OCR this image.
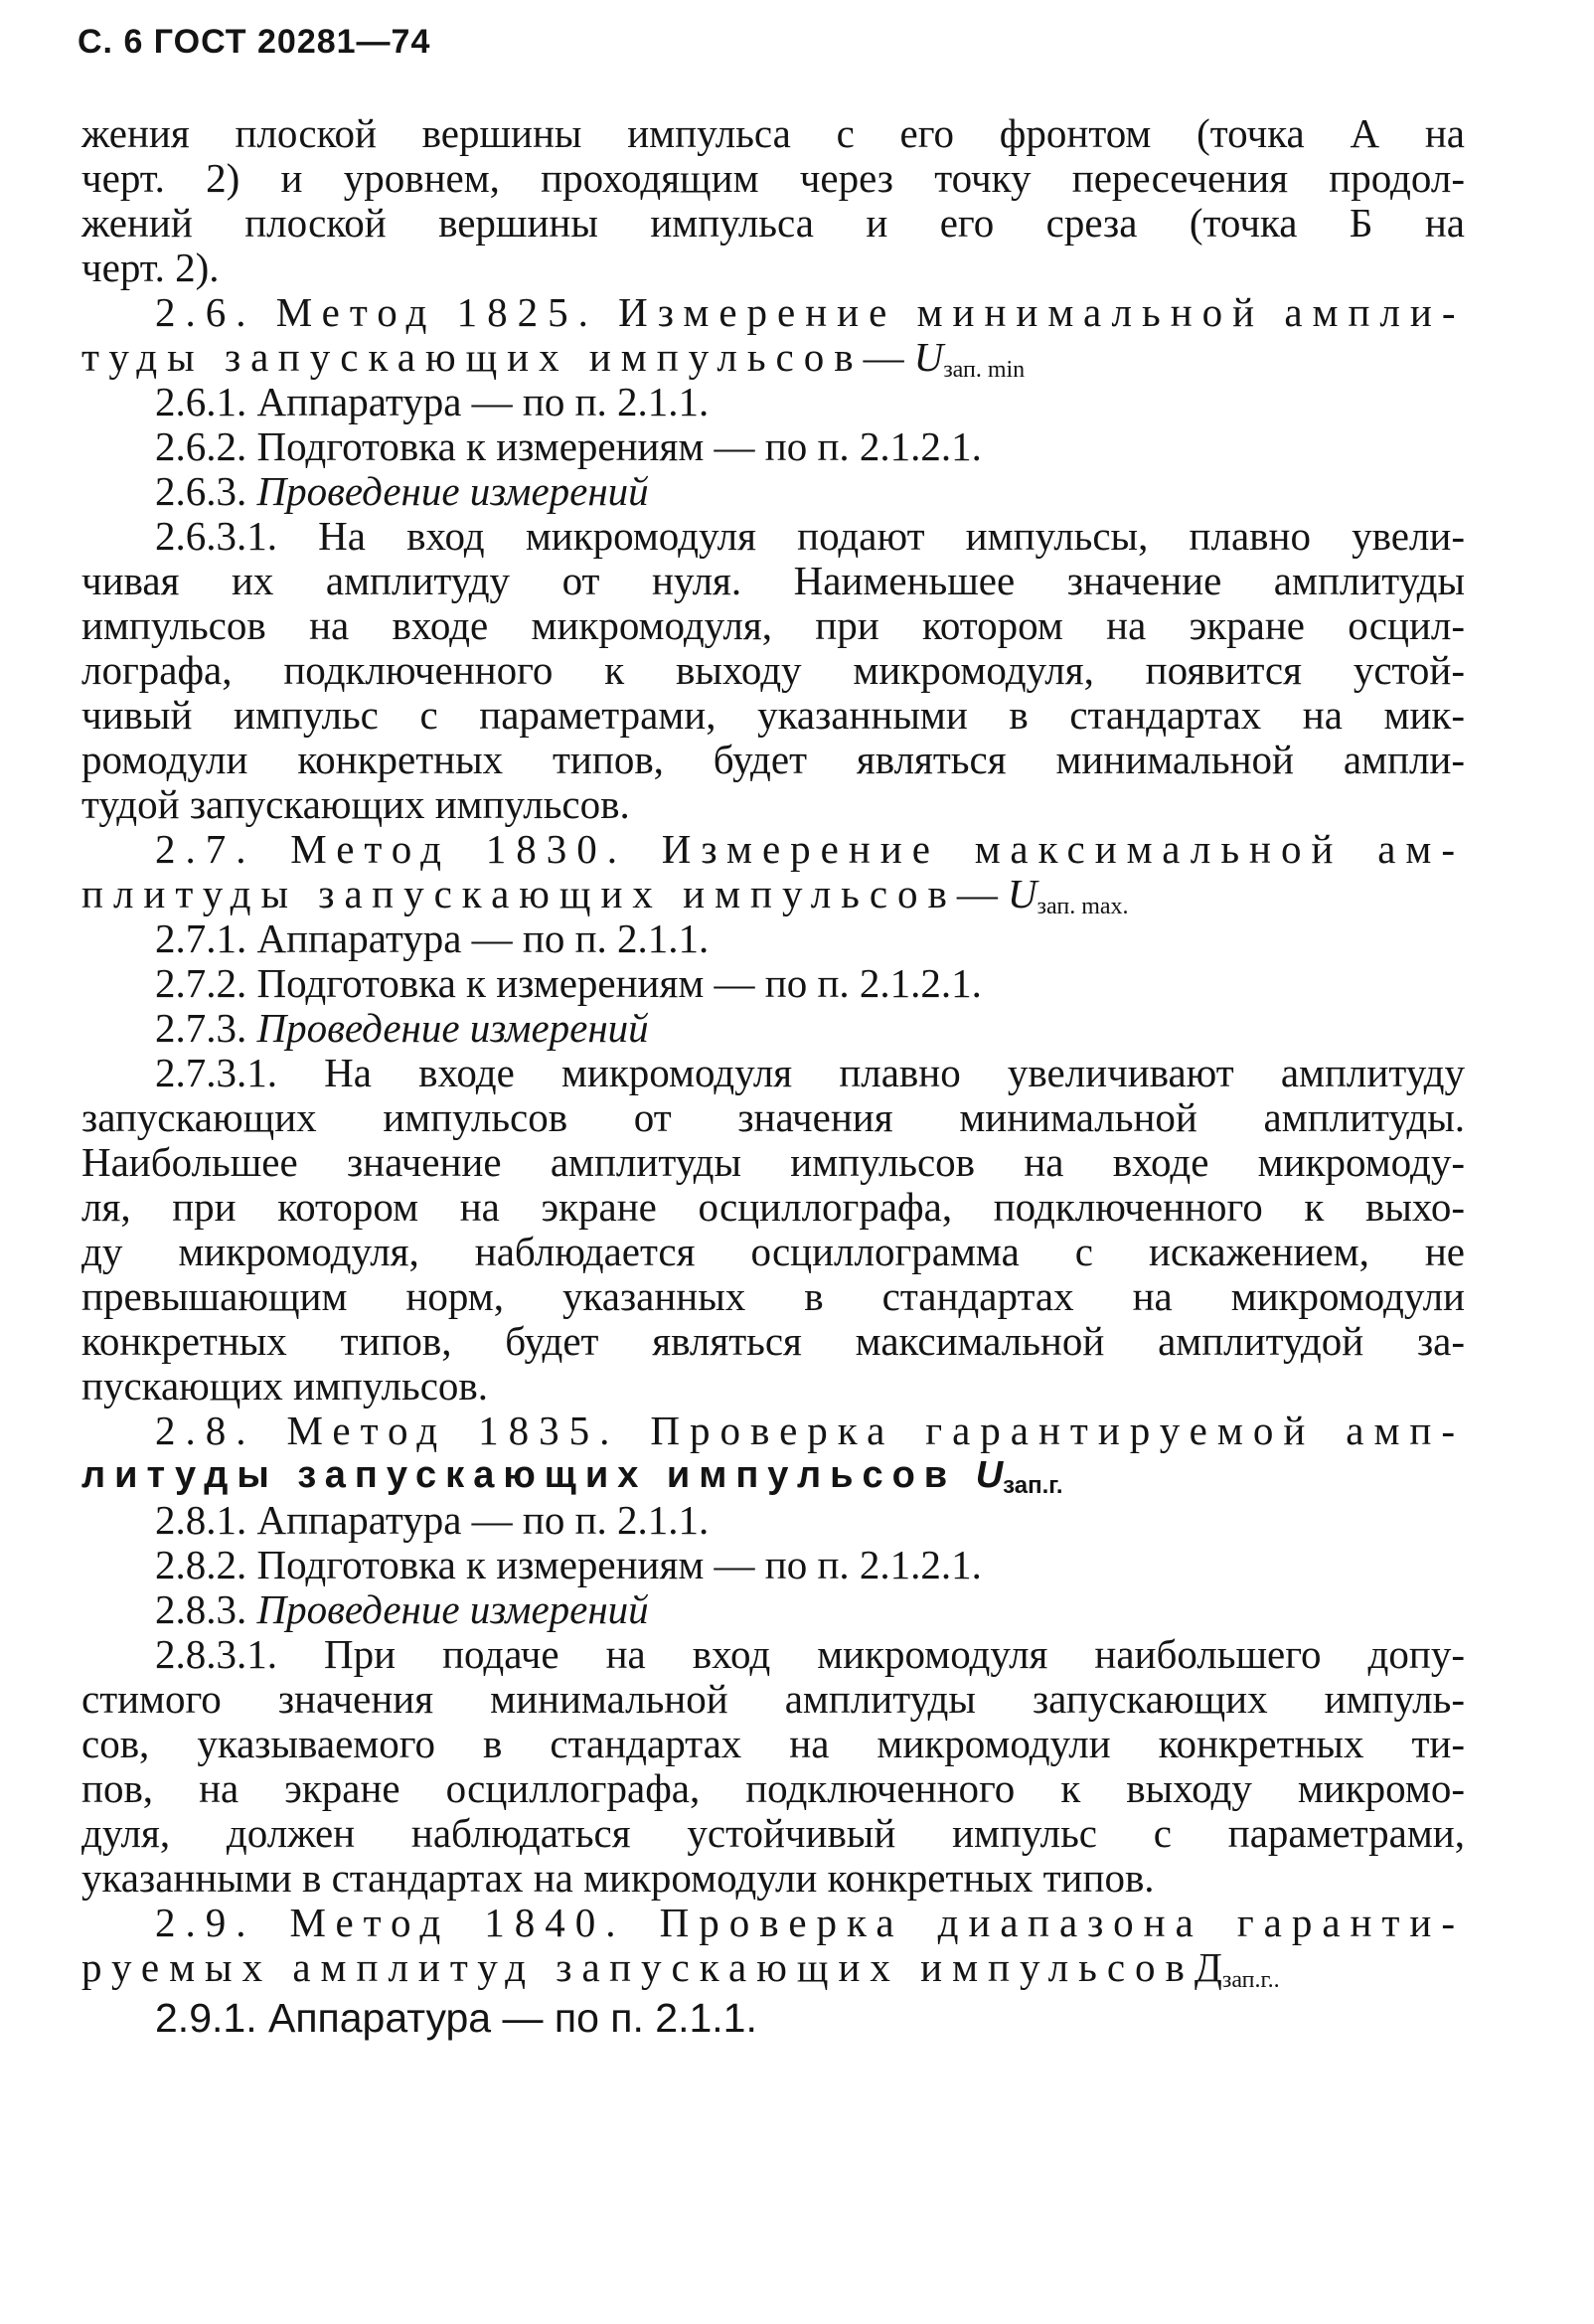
С. 6 ГОСТ 20281—74
жения плоской вершины импульса с его фронтом (точка А на
черт. 2) и уровнем, проходящим через точку пересечения продол-
жений плоской вершины импульса и его среза (точка Б на
черт. 2).
2.6. Метод 1825. Измерение минимальной ампли-
туды запускающих $импульсов—U_{зап. min}$
2.6.1. Аппаратура — по п. 2.1.1.
2.6.2. Подготовка к измерениям — по п. 2.1.2.1.
2.6.3. Проведение измерений
2.6.3.1. На вход микромодуля подают импульсы, плавно увели-
чивая их амплитуду от нуля. Наименьшее значение амплитуды
импульсов на входе микромодуля, при котором на экране осцил-
лографа, подключенного к выходу микромодуля, появится устой-
чивый импульс с параметрами, указанными в стандартах на мик-
ромодули конкретных типов, будет являться минимальной ампли-
тудой запускающих импульсов.
2.7. Метод 1830. Измерение максимальной ам-
плитуды запускающих $импульсов—U_{зап. max.}$
2.7.1. Аппаратура — по п. 2.1.1.
2.7.2. Подготовка к измерениям — по п. 2.1.2.1.
2.7.3. Проведение измерений
2.7.3.1. На входе микромодуля плавно увеличивают амплитуду
запускающих импульсов от значения минимальной амплитуды.
Наибольшее значение амплитуды импульсов на входе микромоду-
ля, при котором на экране осциллографа, подключенного к выхо-
ду микромодуля, наблюдается осциллограмма с искажением, не
превышающим норм, указанных в стандартах на микромодули
конкретных типов, будет являться максимальной амплитудой за-
пускающих импульсов.
2.8. Метод 1835. Проверка гарантируемой амп-
литуды запускающих импульсов $U_{зап.г.}$
2.8.1. Аппаратура — по п. 2.1.1.
2.8.2. Подготовка к измерениям — по п. 2.1.2.1.
2.8.3. Проведение измерений
2.8.3.1. При подаче на вход микромодуля наибольшего допу-
стимого значения минимальной амплитуды запускающих импуль-
сов, указываемого в стандартах на микромодули конкретных ти-
пов, на экране осциллографа, подключенного к выходу микромо-
дуля, должен наблюдаться устойчивый импульс с параметрами,
указанными в стандартах на микромодули конкретных типов.
2.9. Метод 1840. Проверка диапазона гаранти-
руемых амплитуд запускающих импульсовД$_{зап.г..}$
2.9.1. Аппаратура — по п. 2.1.1.
